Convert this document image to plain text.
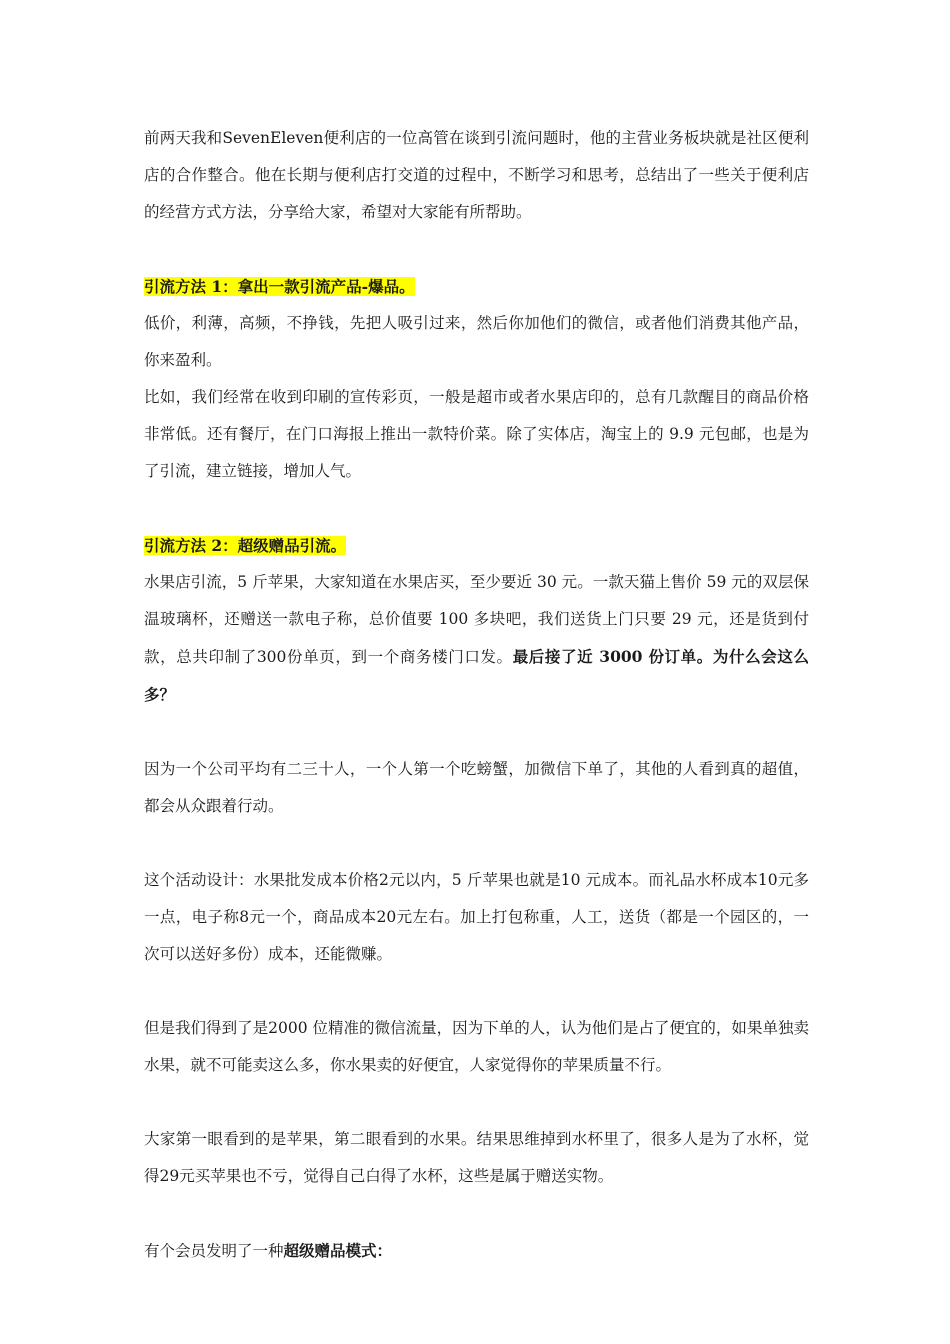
前两天我和SevenEleven便利店的一位高管在谈到引流问题时，他的主营业务板块就是社区便利店的合作整合。他在长期与便利店打交道的过程中，不断学习和思考，总结出了一些关于便利店的经营方式方法，分享给大家，希望对大家能有所帮助。

引流方法 1：拿出一款引流产品-爆品。

低价，利薄，高频，不挣钱，先把人吸引过来，然后你加他们的微信，或者他们消费其他产品，你来盈利。

比如，我们经常在收到印刷的宣传彩页，一般是超市或者水果店印的，总有几款醒目的商品价格非常低。还有餐厅，在门口海报上推出一款特价菜。除了实体店，淘宝上的 9.9 元包邮，也是为了引流，建立链接，增加人气。

引流方法 2：超级赠品引流。

水果店引流，5 斤苹果，大家知道在水果店买，至少要近 30 元。一款天猫上售价 59 元的双层保温玻璃杯，还赠送一款电子称，总价值要 100 多块吧，我们送货上门只要 29 元，还是货到付款，总共印制了300份单页，到一个商务楼门口发。最后接了近 3000 份订单。为什么会这么多？

因为一个公司平均有二三十人，一个人第一个吃螃蟹，加微信下单了，其他的人看到真的超值，都会从众跟着行动。

这个活动设计：水果批发成本价格2元以内，5 斤苹果也就是10 元成本。而礼品水杯成本10元多一点，电子称8元一个，商品成本20元左右。加上打包称重，人工，送货（都是一个园区的，一次可以送好多份）成本，还能微赚。

但是我们得到了是2000 位精准的微信流量，因为下单的人，认为他们是占了便宜的，如果单独卖水果，就不可能卖这么多，你水果卖的好便宜，人家觉得你的苹果质量不行。

大家第一眼看到的是苹果，第二眼看到的水果。结果思维掉到水杯里了，很多人是为了水杯，觉得29元买苹果也不亏，觉得自己白得了水杯，这些是属于赠送实物。

有个会员发明了一种超级赠品模式：
